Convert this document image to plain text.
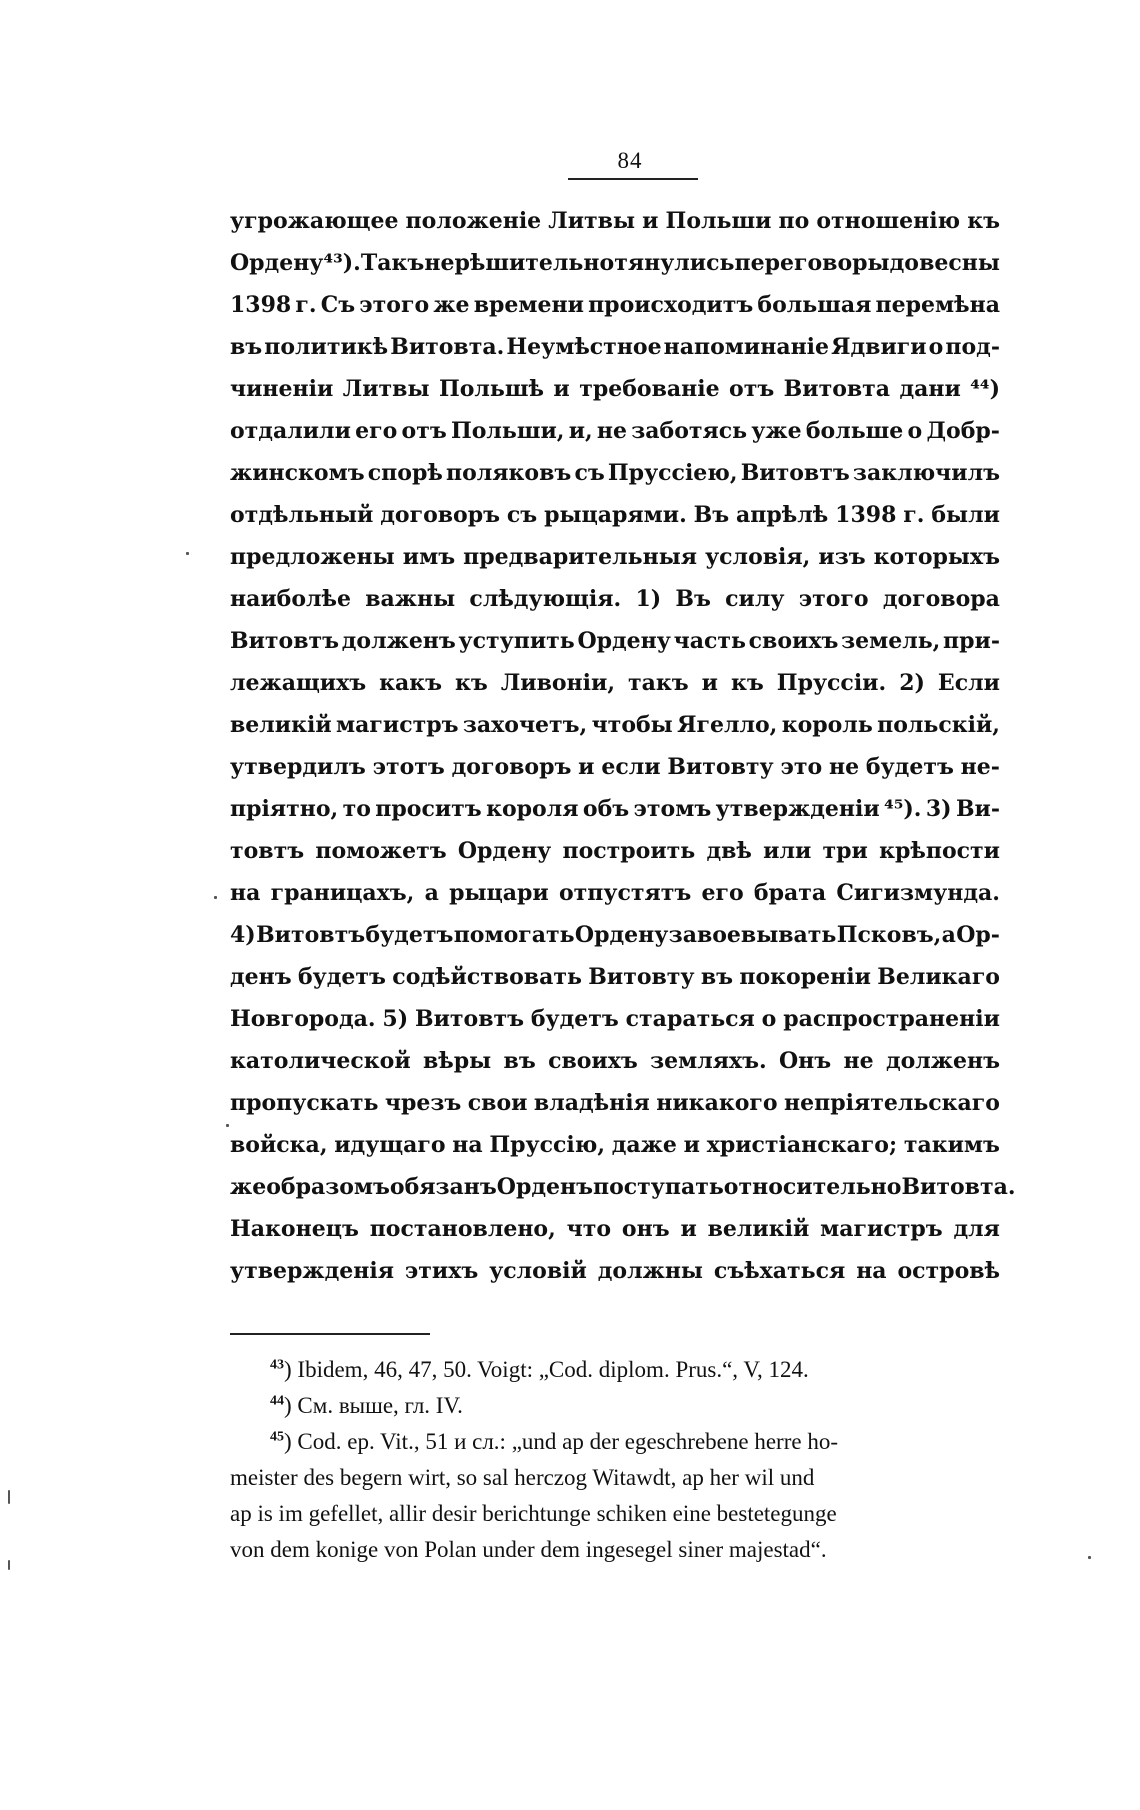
84
угрожающее положеніе Литвы и Польши по отношенію къ
Ордену ⁴³). Такъ нерѣшительно тянулись переговоры до весны
1398 г. Съ этого же времени происходитъ большая перемѣна
въ политикѣ Витовта. Неумѣстное напоминаніе Ядвиги о под-
чиненіи Литвы Польшѣ и требованіе отъ Витовта дани ⁴⁴)
отдалили его отъ Польши, и, не заботясь уже больше о Добр-
жинскомъ спорѣ поляковъ съ Пруссіею, Витовтъ заключилъ
отдѣльный договоръ съ рыцарями. Въ апрѣлѣ 1398 г. были
предложены имъ предварительныя условія, изъ которыхъ
наиболѣе важны слѣдующія. 1) Въ силу этого договора
Витовтъ долженъ уступить Ордену часть своихъ земель, при-
лежащихъ какъ къ Ливоніи, такъ и къ Пруссіи. 2) Если
великій магистръ захочетъ, чтобы Ягелло, король польскій,
утвердилъ этотъ договоръ и если Витовту это не будетъ не-
пріятно, то проситъ короля объ этомъ утвержденіи ⁴⁵). 3) Ви-
товтъ поможетъ Ордену построить двѣ или три крѣпости
на границахъ, а рыцари отпустятъ его брата Сигизмунда.
4) Витовтъ будетъ помогать Ордену завоевывать Псковъ, а Ор-
денъ будетъ содѣйствовать Витовту въ покореніи Великаго
Новгорода. 5) Витовтъ будетъ стараться о распространеніи
католической вѣры въ своихъ земляхъ. Онъ не долженъ
пропускать чрезъ свои владѣнія никакого непріятельскаго
войска, идущаго на Пруссію, даже и христіанскаго; такимъ
же образомъ обязанъ Орденъ поступать относительно Витовта.
Наконецъ постановлено, что онъ и великій магистръ для
утвержденія этихъ условій должны съѣхаться на островѣ
$^{43}$) Ibidem, 46, 47, 50. Voigt: „Cod. diplom. Prus.“, V, 124.
$^{44}$) См. выше, гл. IV.
$^{45}$) Cod. ep. Vit., 51 и сл.: „und ap der egeschrebene herre ho-
meister des begern wirt, so sal herczog Witawdt, ap her wil und
ap is im gefellet, allir desir berichtunge schiken eine bestetegunge
von dem konige von Polan under dem ingesegel siner majestad“.
